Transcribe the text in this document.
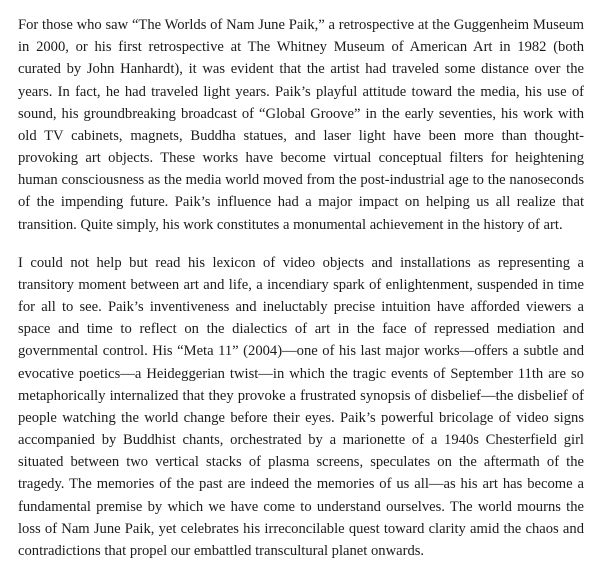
For those who saw “The Worlds of Nam June Paik,” a retrospective at the Guggenheim Museum in 2000, or his first retrospective at The Whitney Museum of American Art in 1982 (both curated by John Hanhardt), it was evident that the artist had traveled some distance over the years. In fact, he had traveled light years. Paik’s playful attitude toward the media, his use of sound, his groundbreaking broadcast of “Global Groove” in the early seventies, his work with old TV cabinets, magnets, Buddha statues, and laser light have been more than thought-provoking art objects. These works have become virtual conceptual filters for heightening human consciousness as the media world moved from the post-industrial age to the nanoseconds of the impending future. Paik’s influence had a major impact on helping us all realize that transition. Quite simply, his work constitutes a monumental achievement in the history of art.

I could not help but read his lexicon of video objects and installations as representing a transitory moment between art and life, a incendiary spark of enlightenment, suspended in time for all to see. Paik’s inventiveness and ineluctably precise intuition have afforded viewers a space and time to reflect on the dialectics of art in the face of repressed mediation and governmental control. His “Meta 11” (2004)—one of his last major works—offers a subtle and evocative poetics—a Heideggerian twist—in which the tragic events of September 11th are so metaphorically internalized that they provoke a frustrated synopsis of disbelief—the disbelief of people watching the world change before their eyes. Paik’s powerful bricolage of video signs accompanied by Buddhist chants, orchestrated by a marionette of a 1940s Chesterfield girl situated between two vertical stacks of plasma screens, speculates on the aftermath of the tragedy. The memories of the past are indeed the memories of us all—as his art has become a fundamental premise by which we have come to understand ourselves. The world mourns the loss of Nam June Paik, yet celebrates his irreconcilable quest toward clarity amid the chaos and contradictions that propel our embattled transcultural planet onwards.
